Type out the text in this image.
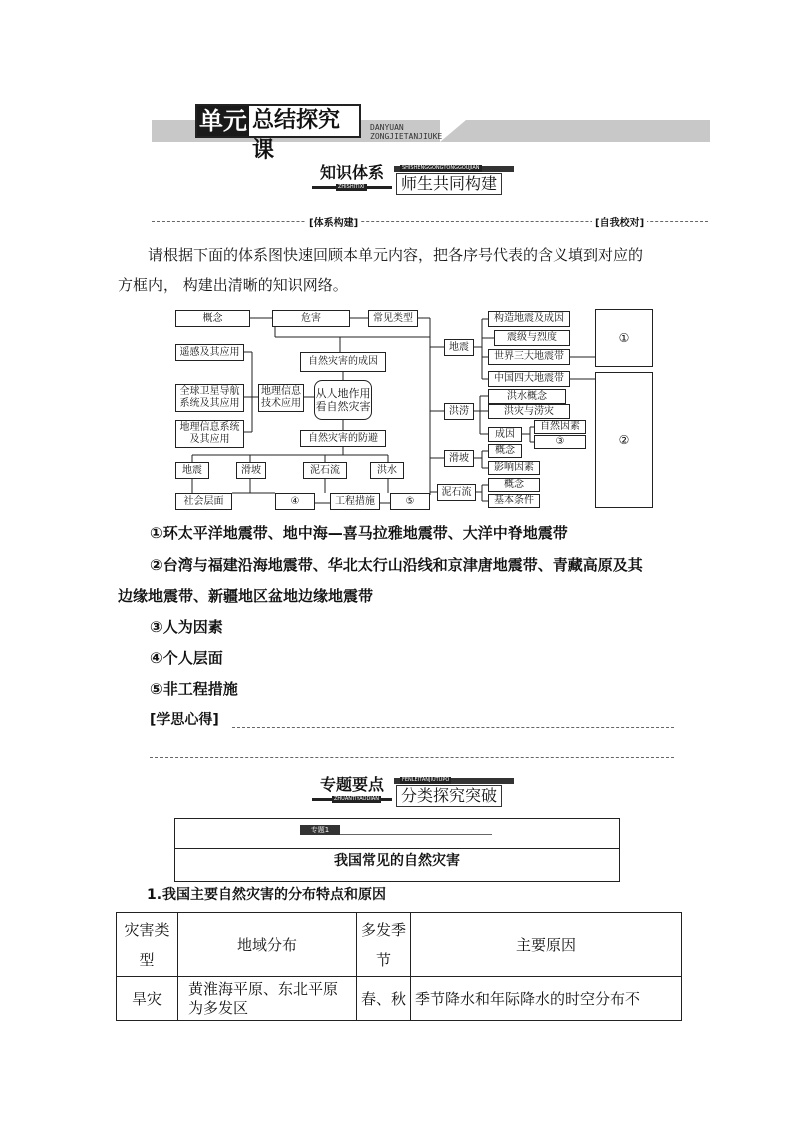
单元 总结探究课
DANYUAN
ZONGJIETANJIUKE
SHISHENGGONGTONGGOUJIAN
知识体系
ZHISHITIXI	师生共同构建
[体系构建]	[自我校对]
请根据下面的体系图快速回顾本单元内容，把各序号代表的含义填到对应的
方框内， 构建出清晰的知识网络。
概念	危害	常见类型
遥感及其应用
全球卫星导航系统及其应用
地理信息系统及其应用
地理信息技术应用
自然灾害的成因
从人地作用看自然灾害
自然灾害的防避
地震	滑坡	泥石流	洪水
社会层面	④	工程措施	⑤
地震
构造地震及成因
震级与烈度
世界三大地震带
中国四大地震带
①
②
洪涝
洪水概念
洪灾与涝灾
成因
自然因素
③
滑坡
概念
影响因素
泥石流
概念
基本条件
①环太平洋地震带、地中海—喜马拉雅地震带、大洋中脊地震带
②台湾与福建沿海地震带、华北太行山沿线和京津唐地震带、青藏高原及其
边缘地震带、新疆地区盆地边缘地震带
③人为因素
④个人层面
⑤非工程措施
[学思心得]
FENLEITANJIUTUPO
专题要点
ZHUANTIYAODIAN	分类探究突破
专题1
我国常见的自然灾害
1.我国主要自然灾害的分布特点和原因
灾害类型	地域分布	多发季节	主要原因
旱灾	黄淮海平原、东北平原为多发区	春、秋	季节降水和年际降水的时空分布不
